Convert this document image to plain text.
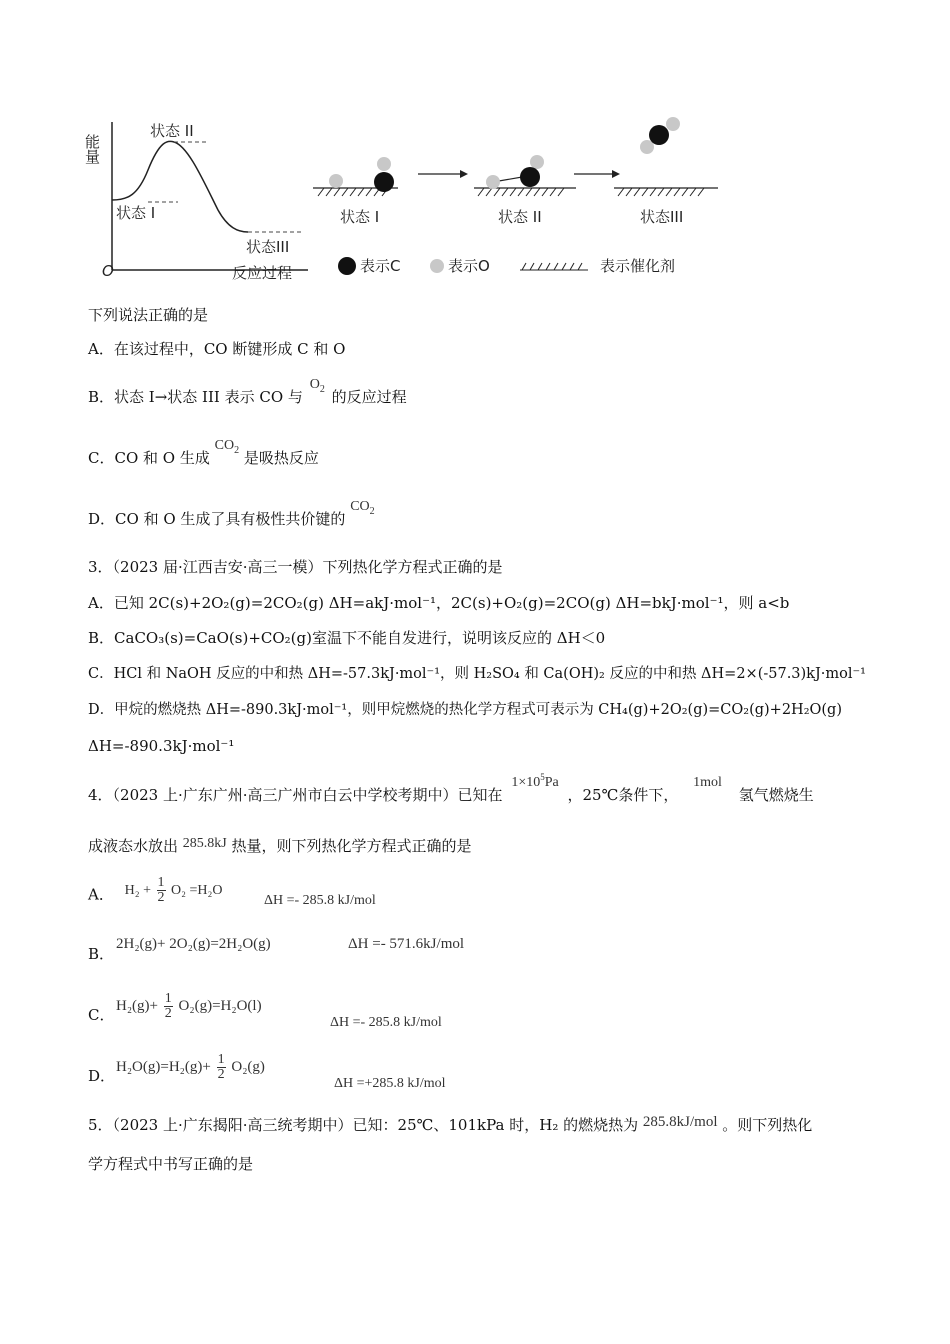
能量
O	反应过程
状态 I
状态 II
状态III
状态 I	状态 II	状态III
表示C	表示O	表示催化剂
下列说法正确的是
A．在该过程中，CO 断键形成 C 和 O
B．状态 I→状态 III 表示 CO 与 $O_2$ 的反应过程
C．CO 和 O 生成 $CO_2$ 是吸热反应
D．CO 和 O 生成了具有极性共价键的 $CO_2$
3．（2023 届·江西吉安·高三一模）下列热化学方程式正确的是
A．已知 2C(s)+2O₂(g)=2CO₂(g) ΔH=akJ·mol⁻¹，2C(s)+O₂(g)=2CO(g) ΔH=bkJ·mol⁻¹，则 a<b
B．CaCO₃(s)=CaO(s)+CO₂(g)室温下不能自发进行，说明该反应的 ΔH＜0
C．HCl 和 NaOH 反应的中和热 ΔH=-57.3kJ·mol⁻¹，则 H₂SO₄ 和 Ca(OH)₂ 反应的中和热 ΔH=2×(-57.3)kJ·mol⁻¹
D．甲烷的燃烧热 ΔH=-890.3kJ·mol⁻¹，则甲烷燃烧的热化学方程式可表示为 CH₄(g)+2O₂(g)=CO₂(g)+2H₂O(g)
ΔH=-890.3kJ·mol⁻¹
4．（2023 上·广东广州·高三广州市白云中学校考期中）已知在 $1\times 10^5Pa$ ，25℃条件下， 1mol 氢气燃烧生
成液态水放出 285.8kJ 热量，则下列热化学方程式正确的是
A． $H_2 + \frac{1}{2} O_2 =H_2O$
ΔH =- 285.8 kJ/mol
B．
2H₂(g)+ 2O₂(g)=2H₂O(g)	ΔH =- 571.6kJ/mol
C．
$H_2(g)+ \frac{1}{2} O_2(g)=H_2O(l)$
ΔH =- 285.8 kJ/mol
D．
$H_2O(g)=H_2(g)+ \frac{1}{2} O_2(g)$
ΔH =+285.8 kJ/mol
5．（2023 上·广东揭阳·高三统考期中）已知：25℃、101kPa 时，H₂ 的燃烧热为 285.8kJ/mol 。则下列热化
学方程式中书写正确的是
